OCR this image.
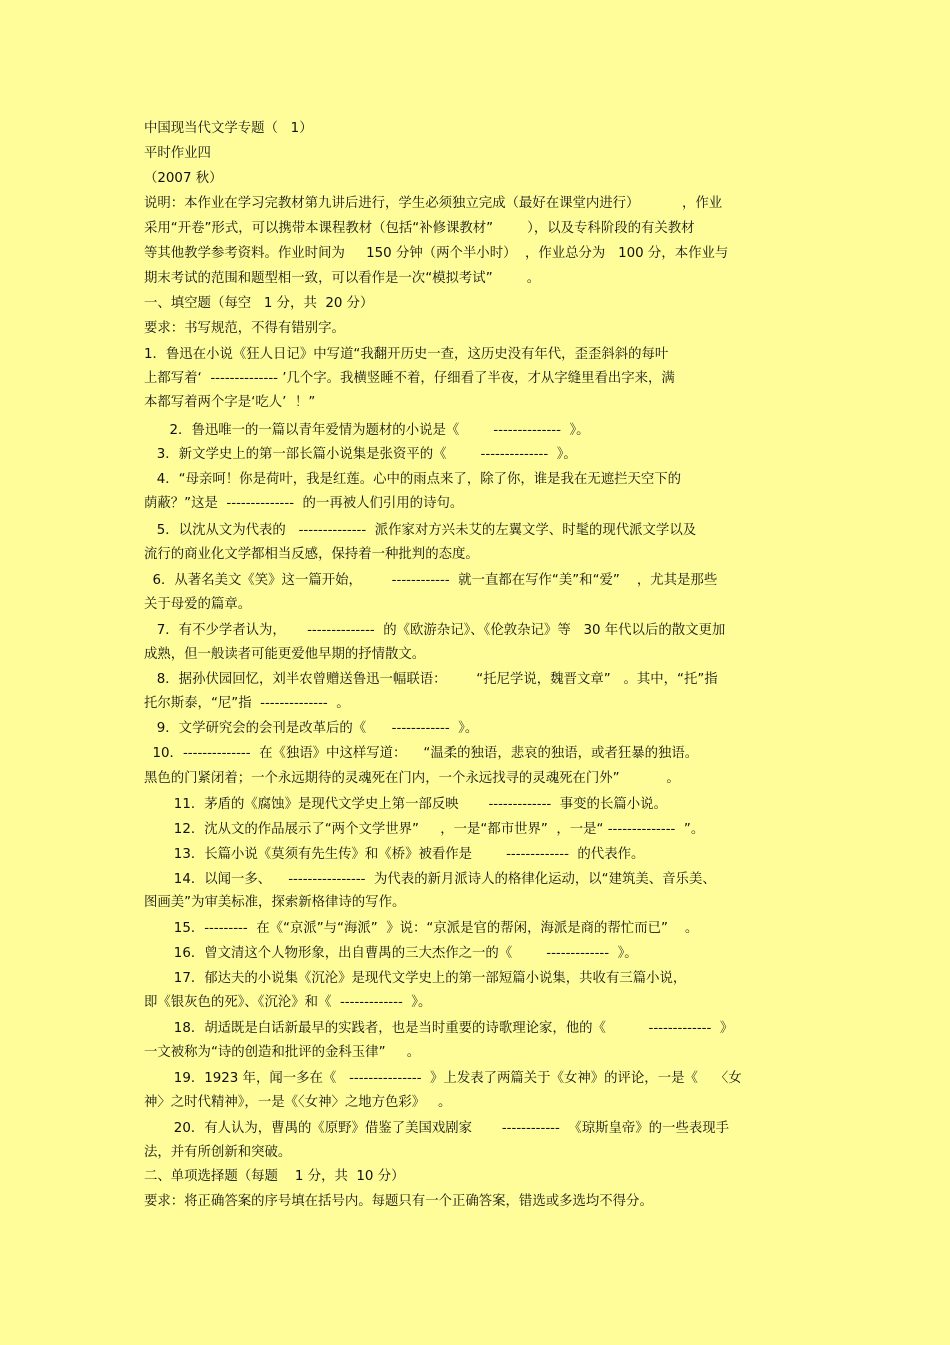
中国现当代文学专题（   1）
平时作业四
（2007 秋）
说明：本作业在学习完教材第九讲后进行，学生必须独立完成（最好在课堂内进行）          ，作业
采用“开卷”形式，可以携带本课程教材（包括“补修课教材”        ），以及专科阶段的有关教材
等其他教学参考资料。作业时间为     150 分钟（两个半小时）  ，作业总分为   100 分，本作业与
期末考试的范围和题型相一致，可以看作是一次“模拟考试”        。
一、填空题（每空   1 分，共  20 分）
要求：书写规范，不得有错别字。
1．鲁迅在小说《狂人日记》中写道“我翻开历史一查，这历史没有年代，歪歪斜斜的每叶
上都写着‘  -------------- ’几个字。我横竖睡不着，仔细看了半夜，才从字缝里看出字来，满
本都写着两个字是‘吃人’  ！”
2．鲁迅唯一的一篇以青年爱情为题材的小说是《        --------------  》。
3．新文学史上的第一部长篇小说集是张资平的《        --------------  》。
4．“母亲呵！你是荷叶，我是红莲。心中的雨点来了，除了你，谁是我在无遮拦天空下的
荫蔽？”这是  --------------  的一再被人们引用的诗句。
5．以沈从文为代表的   --------------  派作家对方兴未艾的左翼文学、时髦的现代派文学以及
流行的商业化文学都相当反感，保持着一种批判的态度。
6．从著名美文《笑》这一篇开始，       ------------  就一直都在写作“美”和“爱”    ，尤其是那些
关于母爱的篇章。
7．有不少学者认为，     --------------  的《欧游杂记》、《伦敦杂记》等   30 年代以后的散文更加
成熟，但一般读者可能更爱他早期的抒情散文。
8．据孙伏园回忆，刘半农曾赠送鲁迅一幅联语：       “托尼学说，魏晋文章”   。其中，“托”指
托尔斯泰，“尼”指  --------------  。
9．文学研究会的会刊是改革后的《      ------------  》。
10．--------------  在《独语》中这样写道：    “温柔的独语，悲哀的独语，或者狂暴的独语。
黑色的门紧闭着；一个永远期待的灵魂死在门内，一个永远找寻的灵魂死在门外”           。
11．茅盾的《腐蚀》是现代文学史上第一部反映       -------------  事变的长篇小说。
12．沈从文的作品展示了“两个文学世界”     ，一是“都市世界”  ，一是“ --------------  ”。
13．长篇小说《莫须有先生传》和《桥》被看作是        -------------  的代表作。
14．以闻一多、    ----------------  为代表的新月派诗人的格律化运动，以“建筑美、音乐美、
图画美”为审美标准，探索新格律诗的写作。
15．---------  在《“京派”与“海派”  》说：“京派是官的帮闲，海派是商的帮忙而已”    。
16．曾文清这个人物形象，出自曹禺的三大杰作之一的《        -------------  》。
17．郁达夫的小说集《沉沦》是现代文学史上的第一部短篇小说集，共收有三篇小说，
即《银灰色的死》、《沉沦》和《  -------------  》。
18．胡适既是白话新最早的实践者，也是当时重要的诗歌理论家，他的《          -------------  》
一文被称为“诗的创造和批评的金科玉律”     。
19．1923 年，闻一多在《   ---------------  》上发表了两篇关于《女神》的评论，一是《    〈女
神〉之时代精神》，一是《〈女神〉之地方色彩》   。
20．有人认为，曹禺的《原野》借鉴了美国戏剧家       ------------  《琼斯皇帝》的一些表现手
法，并有所创新和突破。
二、单项选择题（每题    1 分，共  10 分）
要求：将正确答案的序号填在括号内。每题只有一个正确答案，错选或多选均不得分。
